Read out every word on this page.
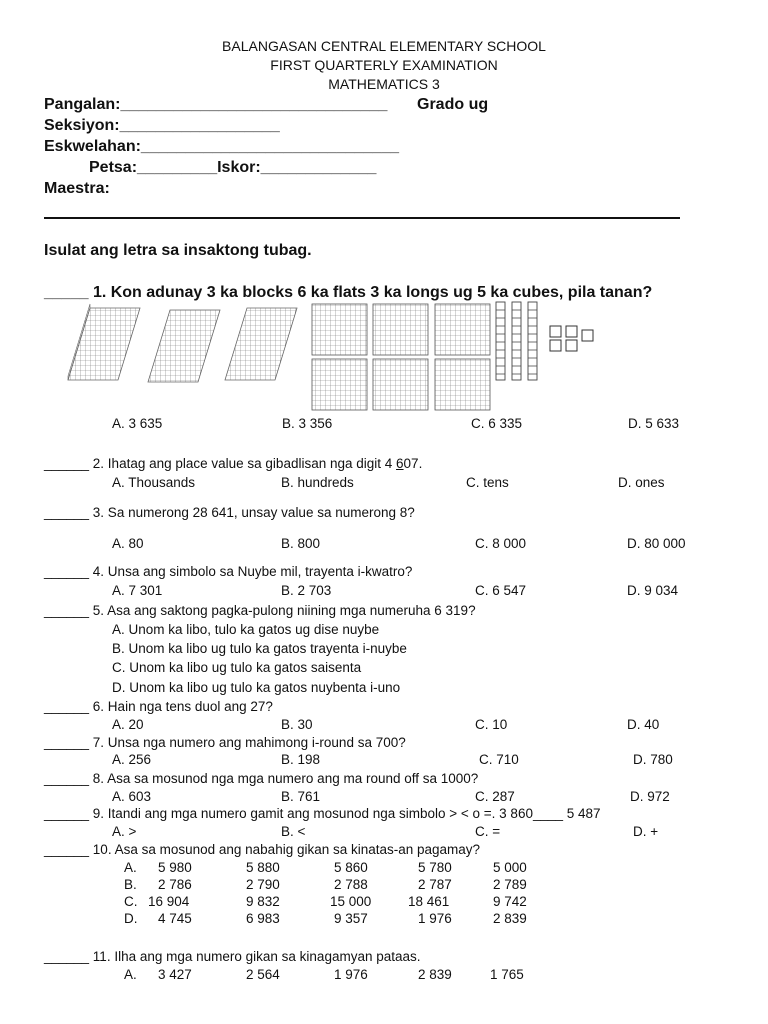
BALANGASAN CENTRAL ELEMENTARY SCHOOL
FIRST QUARTERLY EXAMINATION
MATHEMATICS 3
Pangalan:______________________________ Grado ug
Seksiyon:__________________
Eskwelahan:_____________________________
Petsa:_________Iskor:_____________
Maestra:
Isulat ang letra sa insaktong tubag.
_____ 1. Kon adunay 3 ka blocks 6 ka flats 3 ka longs ug 5 ka cubes, pila tanan?
A. 3 635	B. 3 356	C. 6 335	D. 5 633
______ 2. Ihatag ang place value sa gibadlisan nga digit 4 607.
A. Thousands	B. hundreds	C. tens	D. ones
______ 3. Sa numerong 28 641, unsay value sa numerong 8?
A. 80	B. 800	C. 8 000	D. 80 000
______ 4. Unsa ang simbolo sa Nuybe mil, trayenta i-kwatro?
A. 7 301	B. 2 703	C. 6 547	D. 9 034
______ 5. Asa ang saktong pagka-pulong niining mga numeruha 6 319?
A. Unom ka libo, tulo ka gatos ug dise nuybe
B. Unom ka libo ug tulo ka gatos trayenta i-nuybe
C. Unom ka libo ug tulo ka gatos saisenta
D. Unom ka libo ug tulo ka gatos nuybenta i-uno
______ 6. Hain nga tens duol ang 27?
A. 20	B. 30	C. 10	D. 40
______ 7. Unsa nga numero ang mahimong i-round sa 700?
A. 256	B. 198	C. 710	D. 780
______ 8. Asa sa mosunod nga mga numero ang ma round off sa 1000?
A. 603	B. 761	C. 287	D. 972
______ 9. Itandi ang mga numero gamit ang mosunod nga simbolo > < o =. 3 860____ 5 487
A. >	B. <	C. =	D. +
______ 10. Asa sa mosunod ang nabahig gikan sa kinatas-an pagamay?
A. 5 980	5 880	5 860	5 780	5 000
B. 2 786	2 790	2 788	2 787	2 789
C. 16 904	9 832	15 000	18 461	9 742
D. 4 745	6 983	9 357	1 976	2 839
______ 11. Ilha ang mga numero gikan sa kinagamyan pataas.
A. 3 427	2 564	1 976	2 839	1 765
